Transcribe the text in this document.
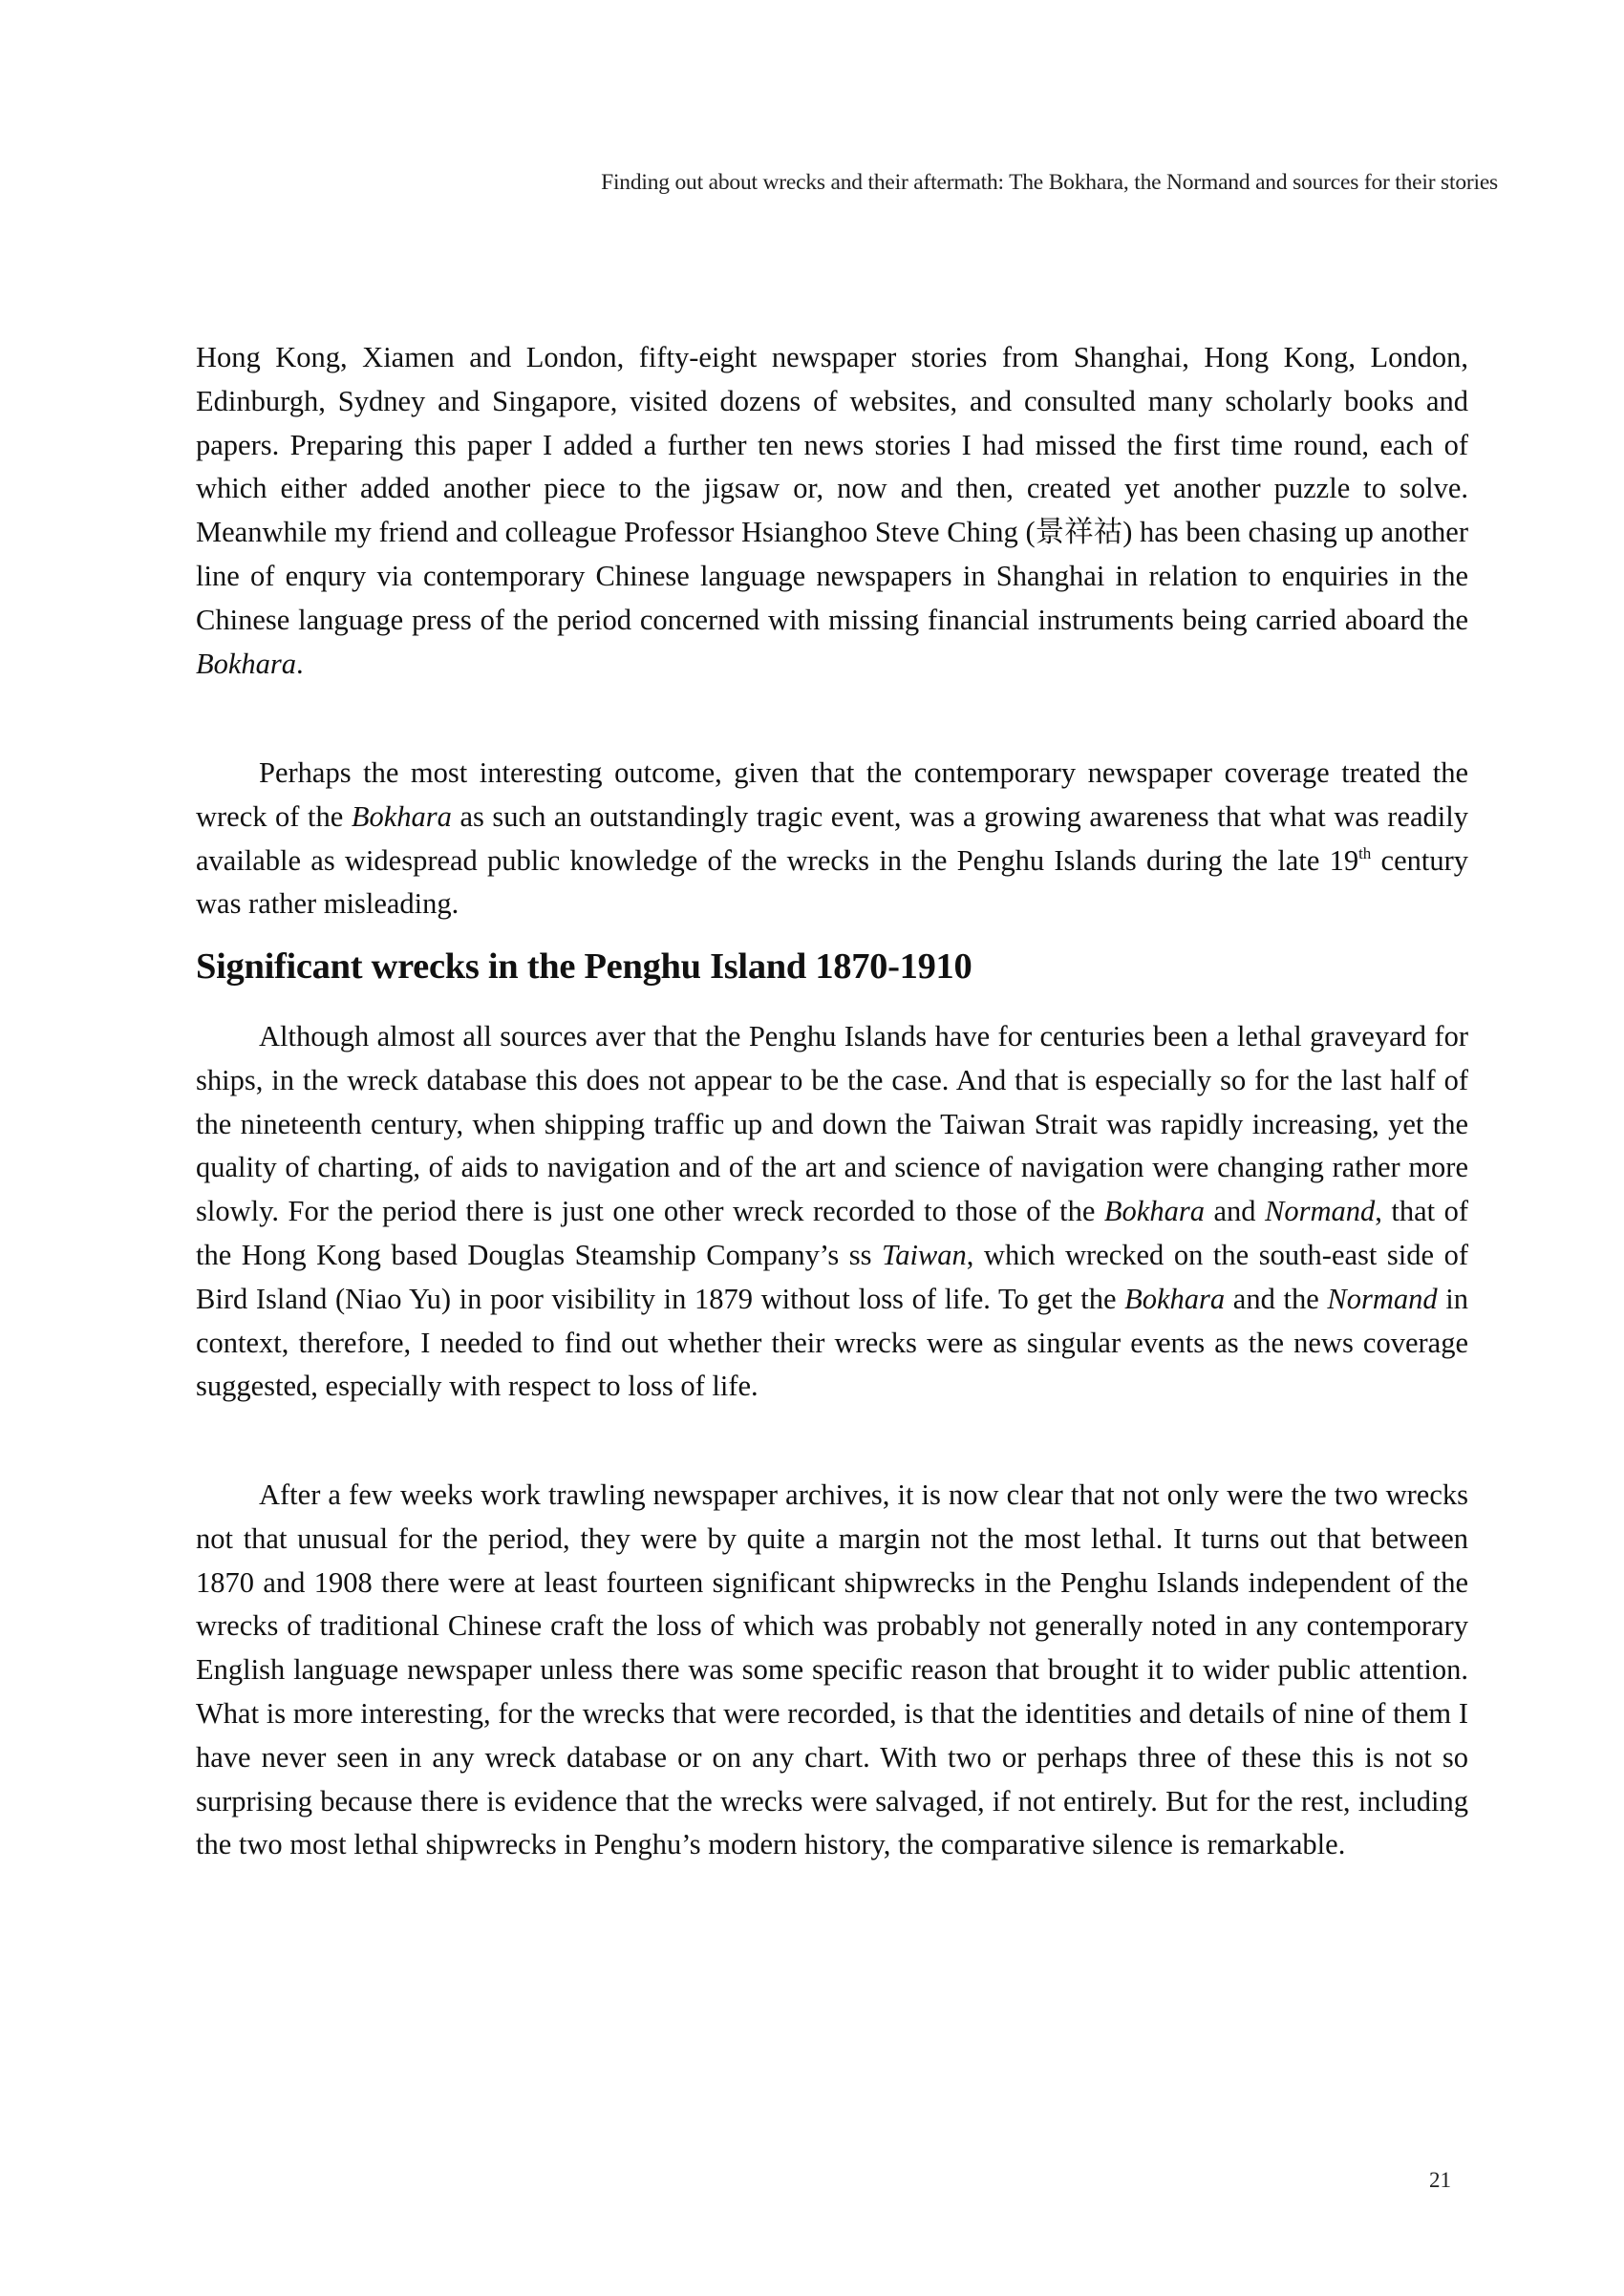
Finding out about wrecks and their aftermath: The Bokhara, the Normand and sources for their stories

Hong Kong, Xiamen and London, fifty-eight newspaper stories from Shanghai, Hong Kong, London, Edinburgh, Sydney and Singapore, visited dozens of websites, and consulted many scholarly books and papers. Preparing this paper I added a further ten news stories I had missed the first time round, each of which either added another piece to the jigsaw or, now and then, created yet another puzzle to solve. Meanwhile my friend and colleague Professor Hsianghoo Steve Ching (景祥祜) has been chasing up another line of enqury via contemporary Chinese language newspapers in Shanghai in relation to enquiries in the Chinese language press of the period concerned with missing financial instruments being carried aboard the Bokhara.

Perhaps the most interesting outcome, given that the contemporary newspaper coverage treated the wreck of the Bokhara as such an outstandingly tragic event, was a growing awareness that what was readily available as widespread public knowledge of the wrecks in the Penghu Islands during the late 19th century was rather misleading.

Significant wrecks in the Penghu Island 1870-1910

Although almost all sources aver that the Penghu Islands have for centuries been a lethal graveyard for ships, in the wreck database this does not appear to be the case. And that is especially so for the last half of the nineteenth century, when shipping traffic up and down the Taiwan Strait was rapidly increasing, yet the quality of charting, of aids to navigation and of the art and science of navigation were changing rather more slowly. For the period there is just one other wreck recorded to those of the Bokhara and Normand, that of the Hong Kong based Douglas Steamship Company’s ss Taiwan, which wrecked on the south-east side of Bird Island (Niao Yu) in poor visibility in 1879 without loss of life. To get the Bokhara and the Normand in context, therefore, I needed to find out whether their wrecks were as singular events as the news coverage suggested, especially with respect to loss of life.

After a few weeks work trawling newspaper archives, it is now clear that not only were the two wrecks not that unusual for the period, they were by quite a margin not the most lethal. It turns out that between 1870 and 1908 there were at least fourteen significant shipwrecks in the Penghu Islands independent of the wrecks of traditional Chinese craft the loss of which was probably not generally noted in any contemporary English language newspaper unless there was some specific reason that brought it to wider public attention. What is more interesting, for the wrecks that were recorded, is that the identities and details of nine of them I have never seen in any wreck database or on any chart. With two or perhaps three of these this is not so surprising because there is evidence that the wrecks were salvaged, if not entirely. But for the rest, including the two most lethal shipwrecks in Penghu’s modern history, the comparative silence is remarkable.

21
